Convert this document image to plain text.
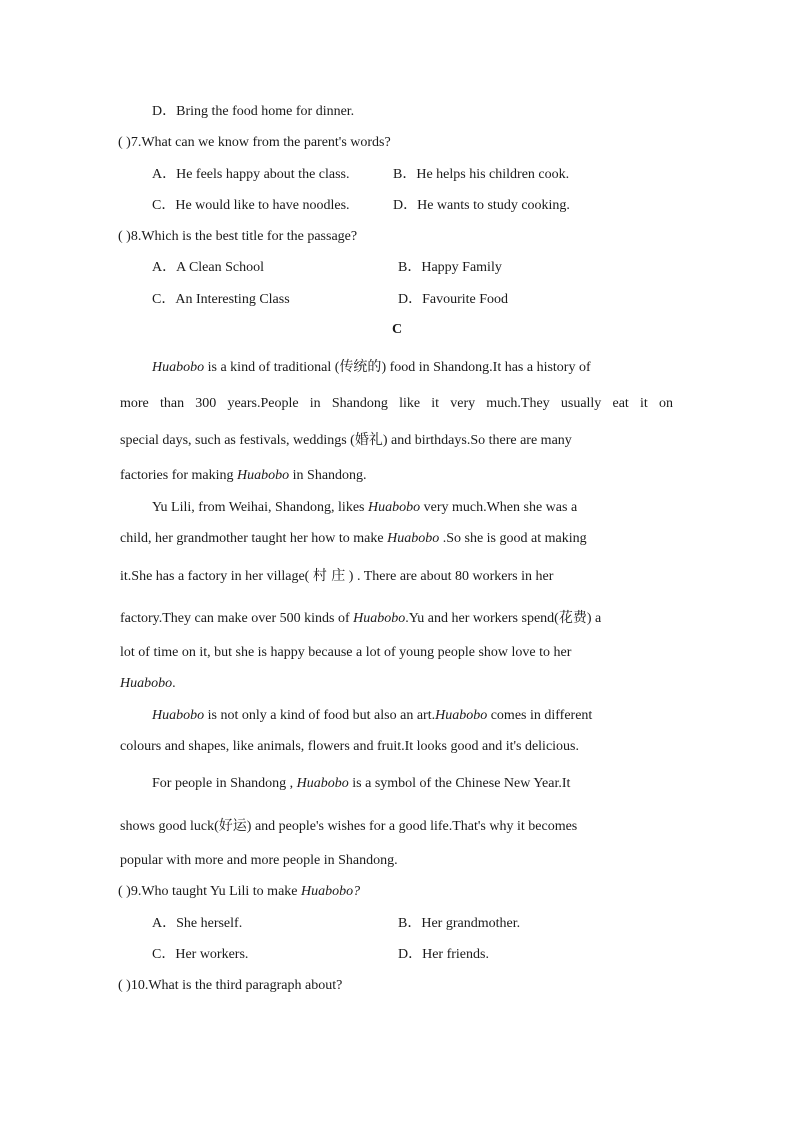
D．Bring the food home for dinner.
( )7.What can we know from the parent's words?
A．He feels happy about the class.	B．He helps his children cook.
C．He would like to have noodles.	D．He wants to study cooking.
( )8.Which is the best title for the passage?
A．A Clean School	B．Happy Family
C．An Interesting Class	D．Favourite Food
C
Huabobo is a kind of traditional (传统的) food in Shandong.It has a history of
more than 300 years.People in Shandong like it very much.They usually eat it on
special days, such as festivals, weddings (婚礼) and birthdays.So there are many
factories for making Huabobo in Shandong.
Yu Lili, from Weihai, Shandong, likes Huabobo very much.When she was a
child, her grandmother taught her how to make Huabobo .So she is good at making
it.She has a factory in her village( 村 庄 ) . There are about 80 workers in her
factory.They can make over 500 kinds of Huabobo.Yu and her workers spend(花费) a
lot of time on it, but she is happy because a lot of young people show love to her
Huabobo.
Huabobo is not only a kind of food but also an art.Huabobo comes in different
colours and shapes, like animals, flowers and fruit.It looks good and it's delicious.
For people in Shandong , Huabobo is a symbol of the Chinese New Year.It
shows good luck(好运) and people's wishes for a good life.That's why it becomes
popular with more and more people in Shandong.
( )9.Who taught Yu Lili to make Huabobo?
A．She herself.	B．Her grandmother.
C．Her workers.	D．Her friends.
( )10.What is the third paragraph about?
